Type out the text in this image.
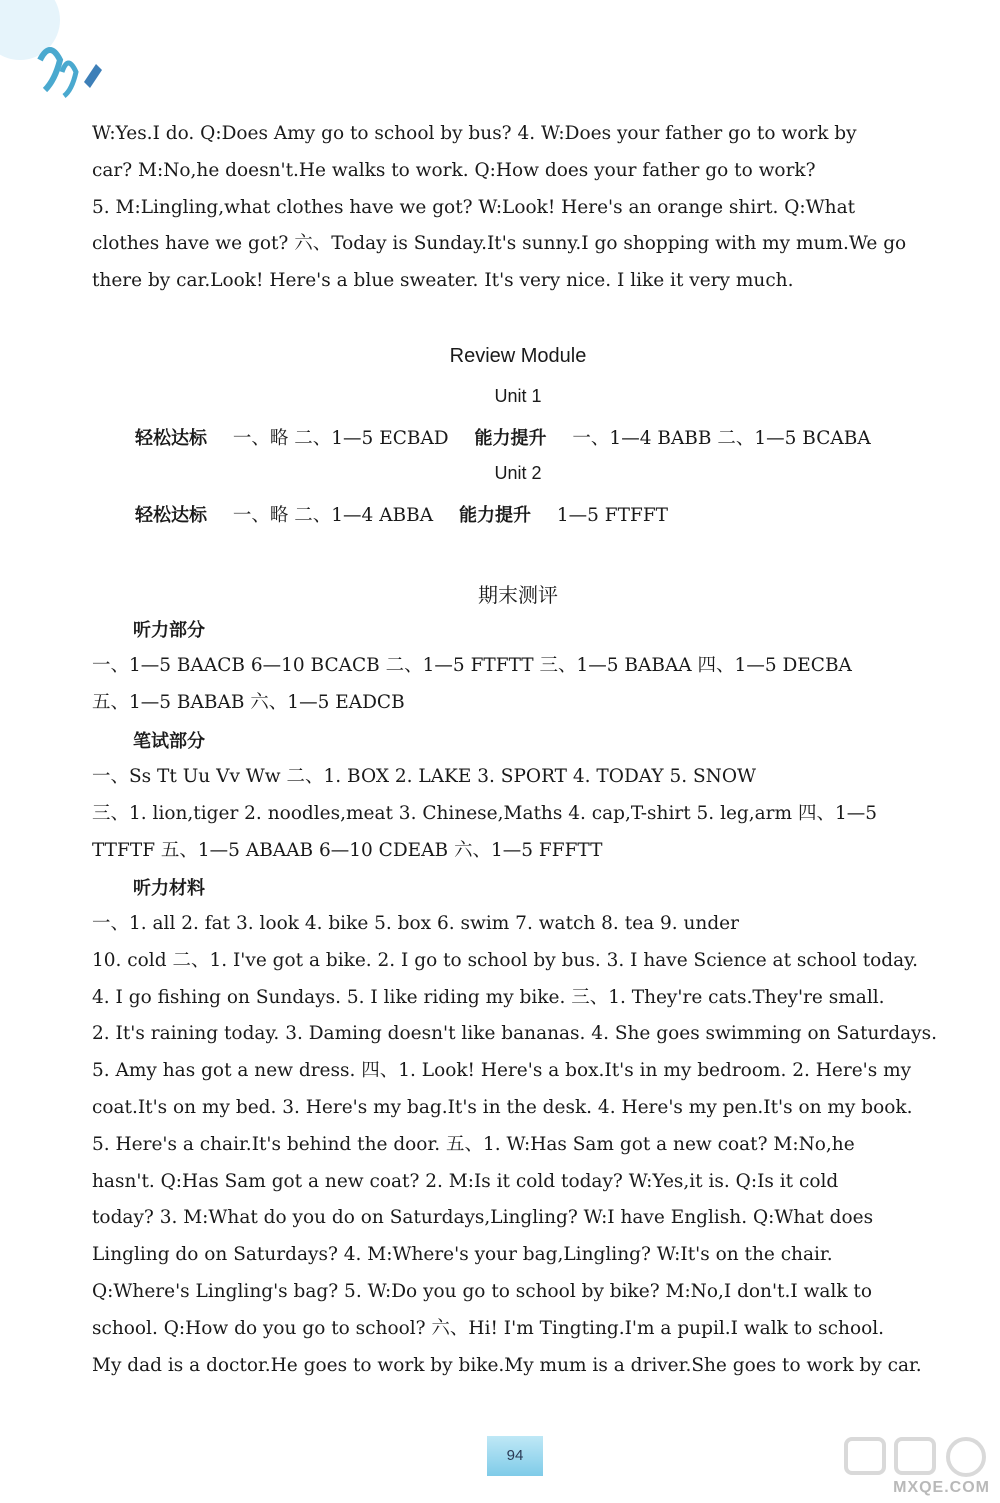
W:Yes.I do. Q:Does Amy go to school by bus? 4. W:Does your father go to work by
car? M:No,he doesn't.He walks to work. Q:How does your father go to work?
5. M:Lingling,what clothes have we got? W:Look! Here's an orange shirt. Q:What
clothes have we got? 六、Today is Sunday.It's sunny.I go shopping with my mum.We go
there by car.Look! Here's a blue sweater. It's very nice. I like it very much.
Review Module
Unit 1
轻松达标 一、略 二、1—5 ECBAD 能力提升 一、1—4 BABB 二、1—5 BCABA
Unit 2
轻松达标 一、略 二、1—4 ABBA 能力提升 1—5 FTFFT
期末测评
听力部分
一、1—5 BAACB 6—10 BCACB 二、1—5 FTFTT 三、1—5 BABAA 四、1—5 DECBA
五、1—5 BABAB 六、1—5 EADCB
笔试部分
一、Ss Tt Uu Vv Ww 二、1. BOX 2. LAKE 3. SPORT 4. TODAY 5. SNOW
三、1. lion,tiger 2. noodles,meat 3. Chinese,Maths 4. cap,T-shirt 5. leg,arm 四、1—5
TTFTF 五、1—5 ABAAB 6—10 CDEAB 六、1—5 FFFTT
听力材料
一、1. all 2. fat 3. look 4. bike 5. box 6. swim 7. watch 8. tea 9. under
10. cold 二、1. I've got a bike. 2. I go to school by bus. 3. I have Science at school today.
4. I go fishing on Sundays. 5. I like riding my bike. 三、1. They're cats.They're small.
2. It's raining today. 3. Daming doesn't like bananas. 4. She goes swimming on Saturdays.
5. Amy has got a new dress. 四、1. Look! Here's a box.It's in my bedroom. 2. Here's my
coat.It's on my bed. 3. Here's my bag.It's in the desk. 4. Here's my pen.It's on my book.
5. Here's a chair.It's behind the door. 五、1. W:Has Sam got a new coat? M:No,he
hasn't. Q:Has Sam got a new coat? 2. M:Is it cold today? W:Yes,it is. Q:Is it cold
today? 3. M:What do you do on Saturdays,Lingling? W:I have English. Q:What does
Lingling do on Saturdays? 4. M:Where's your bag,Lingling? W:It's on the chair.
Q:Where's Lingling's bag? 5. W:Do you go to school by bike? M:No,I don't.I walk to
school. Q:How do you go to school? 六、Hi! I'm Tingting.I'm a pupil.I walk to school.
My dad is a doctor.He goes to work by bike.My mum is a driver.She goes to work by car.
94
MXQE.COM
